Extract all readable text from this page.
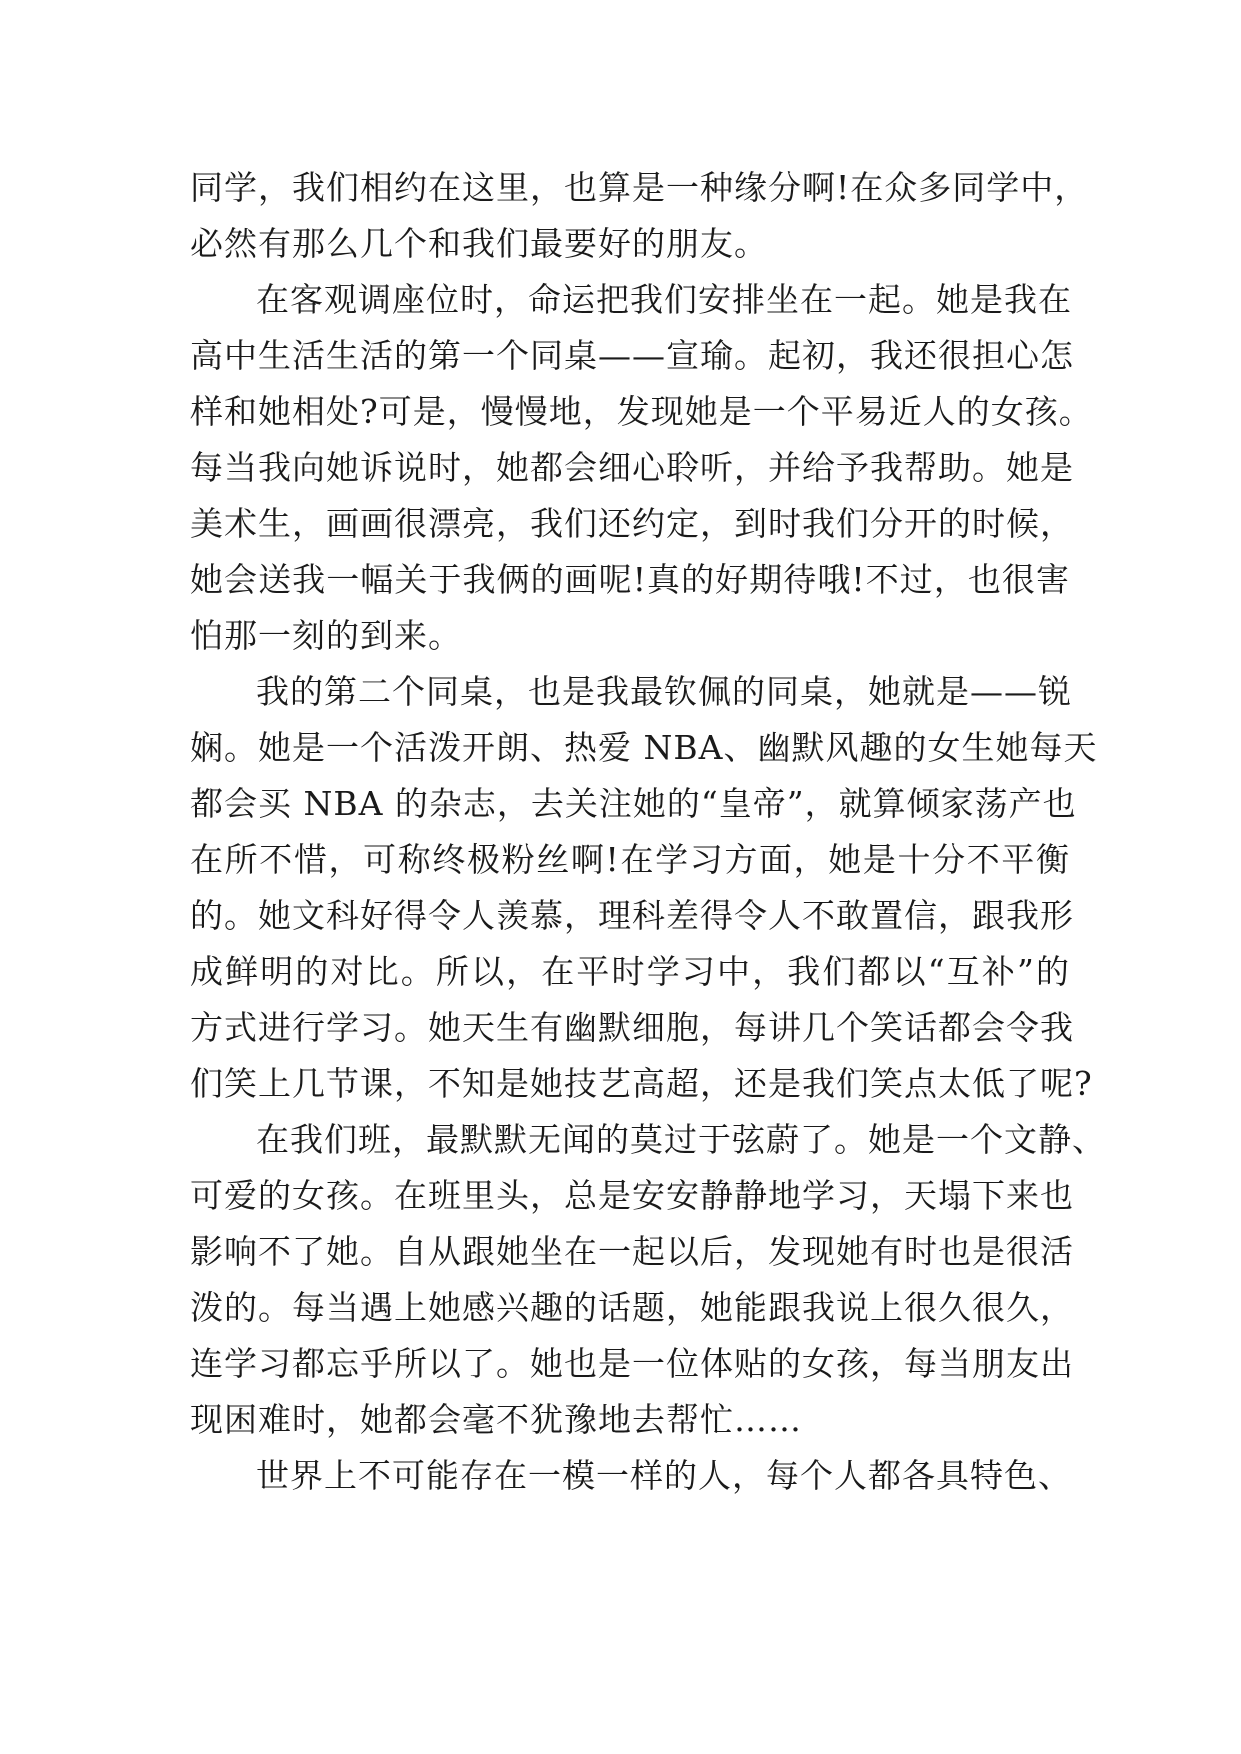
同学，我们相约在这里，也算是一种缘分啊!在众多同学中，

必然有那么几个和我们最要好的朋友。

在客观调座位时，命运把我们安排坐在一起。她是我在

高中生活生活的第一个同桌——宣瑜。起初，我还很担心怎

样和她相处?可是，慢慢地，发现她是一个平易近人的女孩。

每当我向她诉说时，她都会细心聆听，并给予我帮助。她是

美术生，画画很漂亮，我们还约定，到时我们分开的时候，

她会送我一幅关于我俩的画呢!真的好期待哦!不过，也很害

怕那一刻的到来。

我的第二个同桌，也是我最钦佩的同桌，她就是——锐

娴。她是一个活泼开朗、热爱 NBA、幽默风趣的女生她每天

都会买 NBA 的杂志，去关注她的“皇帝”，就算倾家荡产也

在所不惜，可称终极粉丝啊!在学习方面，她是十分不平衡

的。她文科好得令人羡慕，理科差得令人不敢置信，跟我形

成鲜明的对比。所以，在平时学习中，我们都以“互补”的

方式进行学习。她天生有幽默细胞，每讲几个笑话都会令我

们笑上几节课，不知是她技艺高超，还是我们笑点太低了呢?

在我们班，最默默无闻的莫过于弦蔚了。她是一个文静、

可爱的女孩。在班里头，总是安安静静地学习，天塌下来也

影响不了她。自从跟她坐在一起以后，发现她有时也是很活

泼的。每当遇上她感兴趣的话题，她能跟我说上很久很久，

连学习都忘乎所以了。她也是一位体贴的女孩，每当朋友出

现困难时，她都会毫不犹豫地去帮忙……

世界上不可能存在一模一样的人，每个人都各具特色、
